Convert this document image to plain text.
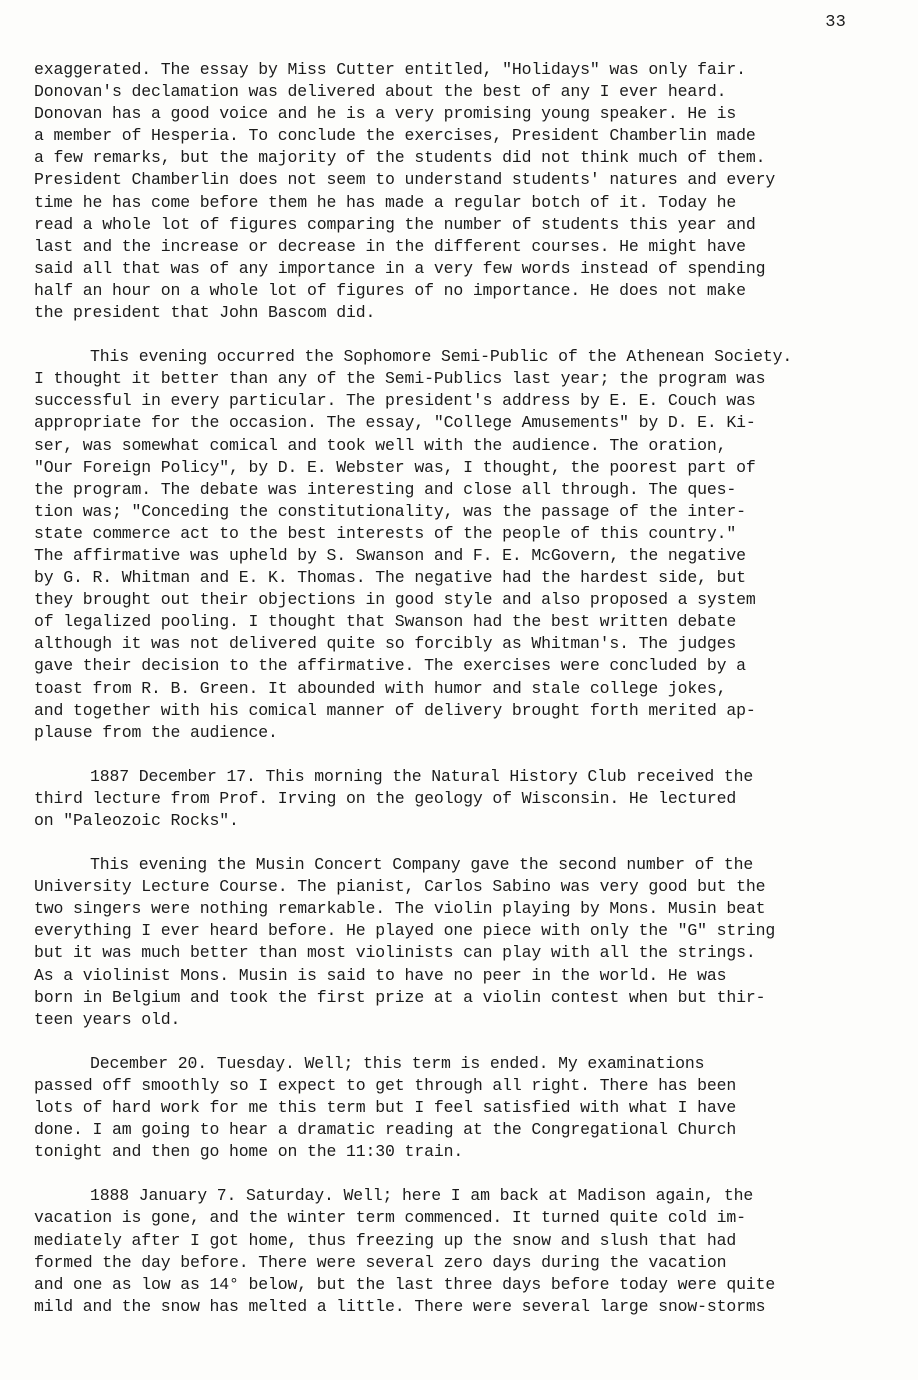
33
exaggerated. The essay by Miss Cutter entitled, "Holidays" was only fair.
Donovan's declamation was delivered about the best of any I ever heard.
Donovan has a good voice and he is a very promising young speaker. He is
a member of Hesperia. To conclude the exercises, President Chamberlin made
a few remarks, but the majority of the students did not think much of them.
President Chamberlin does not seem to understand students' natures and every
time he has come before them he has made a regular botch of it. Today he
read a whole lot of figures comparing the number of students this year and
last and the increase or decrease in the different courses. He might have
said all that was of any importance in a very few words instead of spending
half an hour on a whole lot of figures of no importance. He does not make
the president that John Bascom did.
This evening occurred the Sophomore Semi-Public of the Athenean Society.
I thought it better than any of the Semi-Publics last year; the program was
successful in every particular. The president's address by E. E. Couch was
appropriate for the occasion. The essay, "College Amusements" by D. E. Ki-
ser, was somewhat comical and took well with the audience. The oration,
"Our Foreign Policy", by D. E. Webster was, I thought, the poorest part of
the program. The debate was interesting and close all through. The ques-
tion was; "Conceding the constitutionality, was the passage of the inter-
state commerce act to the best interests of the people of this country."
The affirmative was upheld by S. Swanson and F. E. McGovern, the negative
by G. R. Whitman and E. K. Thomas. The negative had the hardest side, but
they brought out their objections in good style and also proposed a system
of legalized pooling. I thought that Swanson had the best written debate
although it was not delivered quite so forcibly as Whitman's. The judges
gave their decision to the affirmative. The exercises were concluded by a
toast from R. B. Green. It abounded with humor and stale college jokes,
and together with his comical manner of delivery brought forth merited ap-
plause from the audience.
1887 December 17. This morning the Natural History Club received the
third lecture from Prof. Irving on the geology of Wisconsin. He lectured
on "Paleozoic Rocks".
This evening the Musin Concert Company gave the second number of the
University Lecture Course. The pianist, Carlos Sabino was very good but the
two singers were nothing remarkable. The violin playing by Mons. Musin beat
everything I ever heard before. He played one piece with only the "G" string
but it was much better than most violinists can play with all the strings.
As a violinist Mons. Musin is said to have no peer in the world. He was
born in Belgium and took the first prize at a violin contest when but thir-
teen years old.
December 20. Tuesday. Well; this term is ended. My examinations
passed off smoothly so I expect to get through all right. There has been
lots of hard work for me this term but I feel satisfied with what I have
done. I am going to hear a dramatic reading at the Congregational Church
tonight and then go home on the 11:30 train.
1888 January 7. Saturday. Well; here I am back at Madison again, the
vacation is gone, and the winter term commenced. It turned quite cold im-
mediately after I got home, thus freezing up the snow and slush that had
formed the day before. There were several zero days during the vacation
and one as low as 14° below, but the last three days before today were quite
mild and the snow has melted a little. There were several large snow-storms
